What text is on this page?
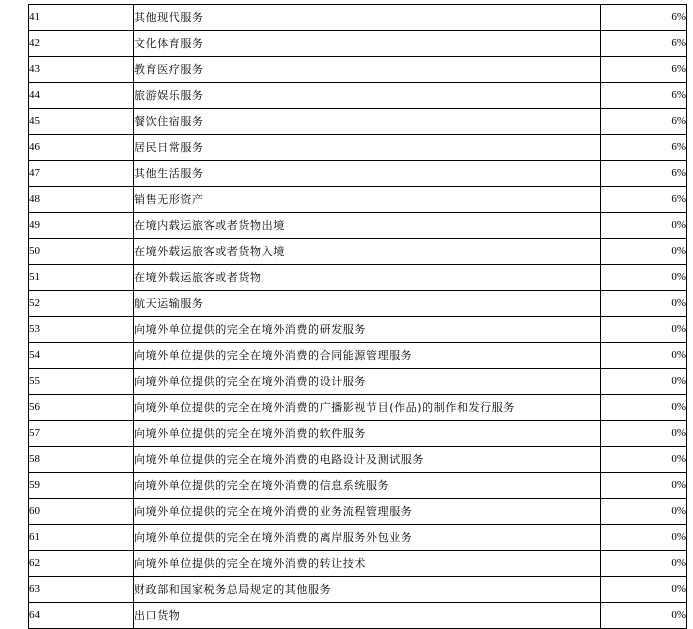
41	其他现代服务	6%
42	文化体育服务	6%
43	教育医疗服务	6%
44	旅游娱乐服务	6%
45	餐饮住宿服务	6%
46	居民日常服务	6%
47	其他生活服务	6%
48	销售无形资产	6%
49	在境内载运旅客或者货物出境	0%
50	在境外载运旅客或者货物入境	0%
51	在境外载运旅客或者货物	0%
52	航天运输服务	0%
53	向境外单位提供的完全在境外消费的研发服务	0%
54	向境外单位提供的完全在境外消费的合同能源管理服务	0%
55	向境外单位提供的完全在境外消费的设计服务	0%
56	向境外单位提供的完全在境外消费的广播影视节目(作品)的制作和发行服务	0%
57	向境外单位提供的完全在境外消费的软件服务	0%
58	向境外单位提供的完全在境外消费的电路设计及测试服务	0%
59	向境外单位提供的完全在境外消费的信息系统服务	0%
60	向境外单位提供的完全在境外消费的业务流程管理服务	0%
61	向境外单位提供的完全在境外消费的离岸服务外包业务	0%
62	向境外单位提供的完全在境外消费的转让技术	0%
63	财政部和国家税务总局规定的其他服务	0%
64	出口货物	0%
